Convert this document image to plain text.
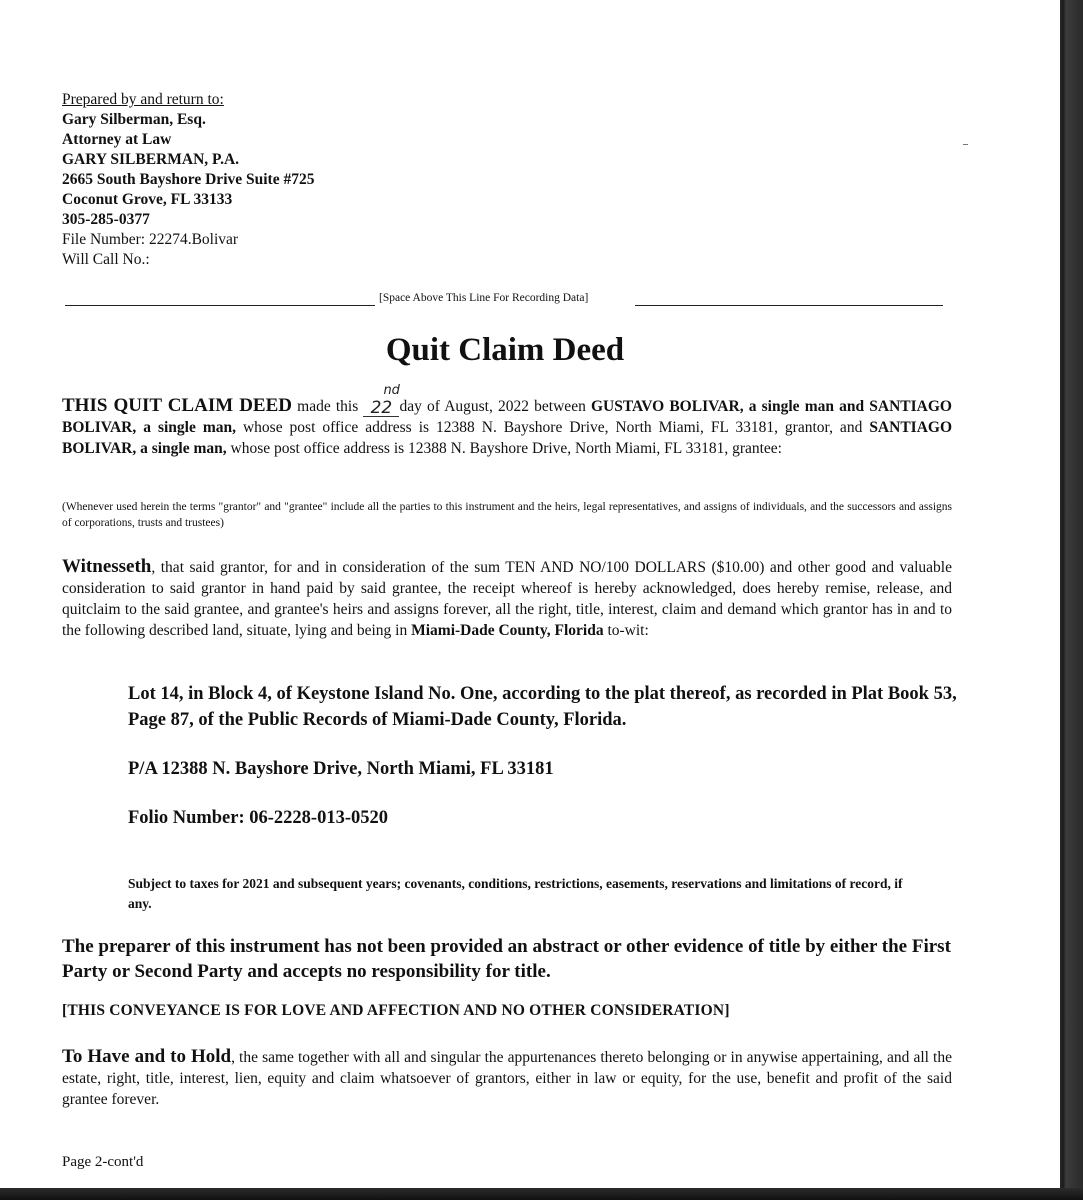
Prepared by and return to:
Gary Silberman, Esq.
Attorney at Law
GARY SILBERMAN, P.A.
2665 South Bayshore Drive Suite #725
Coconut Grove, FL 33133
305-285-0377
File Number: 22274.Bolivar
Will Call No.:
[Space Above This Line For Recording Data]
Quit Claim Deed
THIS QUIT CLAIM DEED made this 22
nd
day of August, 2022 between GUSTAVO BOLIVAR, a single man and SANTIAGO BOLIVAR, a single man, whose post office address is 12388 N. Bayshore Drive, North Miami, FL 33181, grantor, and SANTIAGO BOLIVAR, a single man, whose post office address is 12388 N. Bayshore Drive, North Miami, FL 33181, grantee:
(Whenever used herein the terms "grantor" and "grantee" include all the parties to this instrument and the heirs, legal representatives, and assigns of individuals, and the successors and assigns of corporations, trusts and trustees)
Witnesseth, that said grantor, for and in consideration of the sum TEN AND NO/100 DOLLARS ($10.00) and other good and valuable consideration to said grantor in hand paid by said grantee, the receipt whereof is hereby acknowledged, does hereby remise, release, and quitclaim to the said grantee, and grantee's heirs and assigns forever, all the right, title, interest, claim and demand which grantor has in and to the following described land, situate, lying and being in Miami-Dade County, Florida to-wit:
Lot 14, in Block 4, of Keystone Island No. One, according to the plat thereof, as recorded in Plat Book 53, Page 87, of the Public Records of Miami-Dade County, Florida.
P/A 12388 N. Bayshore Drive, North Miami, FL 33181
Folio Number: 06-2228-013-0520
Subject to taxes for 2021 and subsequent years; covenants, conditions, restrictions, easements, reservations and limitations of record, if any.
The preparer of this instrument has not been provided an abstract or other evidence of title by either the First Party or Second Party and accepts no responsibility for title.
[THIS CONVEYANCE IS FOR LOVE AND AFFECTION AND NO OTHER CONSIDERATION]
To Have and to Hold, the same together with all and singular the appurtenances thereto belonging or in anywise appertaining, and all the estate, right, title, interest, lien, equity and claim whatsoever of grantors, either in law or equity, for the use, benefit and profit of the said grantee forever.
Page 2-cont'd
